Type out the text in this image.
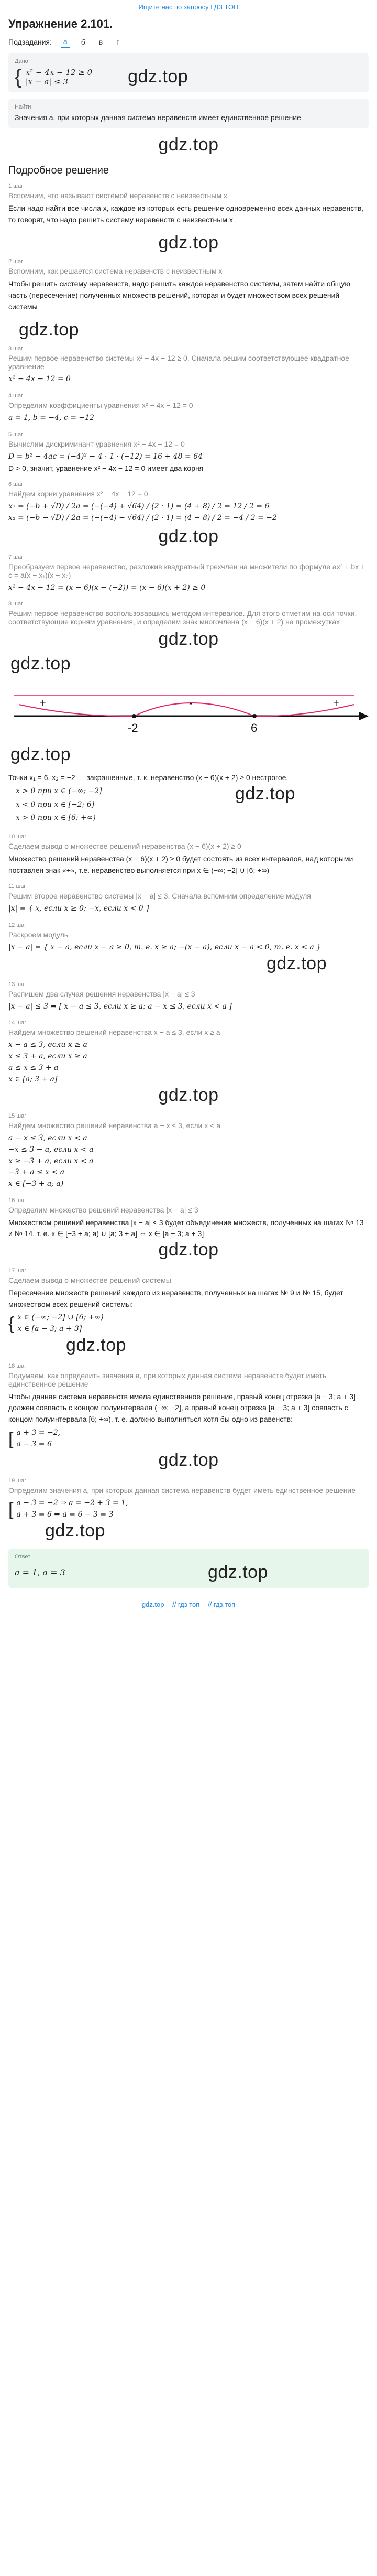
Ищите нас по запросу ГДЗ ТОП
Упражнение 2.101.
Подзадания: а б в г
Дано
{ x² − 4x − 12 ≥ 0
|x − a| ≤ 3	gdz.top
Найти
Значения a, при которых данная система неравенств имеет единственное решение
gdz.top
Подробное решение
1 шаг
Вспомним, что называют системой неравенств с неизвестным x
Если надо найти все числа x, каждое из которых есть решение одновременно всех данных неравенств, то говорят, что надо решить систему неравенств с неизвестным x
gdz.top
2 шаг
Вспомним, как решается система неравенств с неизвестным x
Чтобы решить систему неравенств, надо решить каждое неравенство системы, затем найти общую часть (пересечение) полученных множеств решений, которая и будет множеством всех решений системы
gdz.top
3 шаг
Решим первое неравенство системы x² − 4x − 12 ≥ 0. Сначала решим соответствующее квадратное уравнение
x² − 4x − 12 = 0
4 шаг
Определим коэффициенты уравнения x² − 4x − 12 = 0
a = 1, b = −4, c = −12
5 шаг
Вычислим дискриминант уравнения x² − 4x − 12 = 0
D = b² − 4ac = (−4)² − 4 · 1 · (−12) = 16 + 48 = 64
D > 0, значит, уравнение x² − 4x − 12 = 0 имеет два корня
6 шаг
Найдем корни уравнения x² − 4x − 12 = 0
x₁ = (−b + √D) / 2a = (−(−4) + √64) / (2 · 1) = (4 + 8) / 2 = 12 / 2 = 6
x₂ = (−b − √D) / 2a = (−(−4) − √64) / (2 · 1) = (4 − 8) / 2 = −4 / 2 = −2
gdz.top
7 шаг
Преобразуем первое неравенство, разложив квадратный трехчлен на множители по формуле ax² + bx + c = a(x − x₁)(x − x₂)
x² − 4x − 12 = (x − 6)(x − (−2)) = (x − 6)(x + 2) ≥ 0
8 шаг
Решим первое неравенство воспользовавшись методом интервалов. Для этого отметим на оси точки, соответствующие корням уравнения, и определим знак многочлена (x − 6)(x + 2) на промежутках
gdz.top
gdz.top
+	-	+
-2	6
gdz.top
Точки x₁ = 6, x₂ = −2 — закрашенные, т. к. неравенство (x − 6)(x + 2) ≥ 0 нестрогое.
x > 0 при x ∈ (−∞; −2]
x < 0 при x ∈ [−2; 6]
x > 0 при x ∈ [6; +∞)
gdz.top
10 шаг
Сделаем вывод о множестве решений неравенства (x − 6)(x + 2) ≥ 0
Множество решений неравенства (x − 6)(x + 2) ≥ 0 будет состоять из всех интервалов, над которыми поставлен знак «+», т.е. неравенство выполняется при x ∈ (−∞; −2] ∪ [6; +∞)
11 шаг
Решим второе неравенство системы |x − a| ≤ 3. Сначала вспомним определение модуля
|x| = { x, если x ≥ 0; −x, если x < 0 }
12 шаг
Раскроем модуль
|x − a| = { x − a, если x − a ≥ 0, т. е. x ≥ a; −(x − a), если x − a < 0, т. е. x < a }
gdz.top
13 шаг
Распишем два случая решения неравенства |x − a| ≤ 3
|x − a| ≤ 3 ⇔ [ x − a ≤ 3, если x ≥ a; a − x ≤ 3, если x < a ]
14 шаг
Найдем множество решений неравенства x − a ≤ 3, если x ≥ a
x − a ≤ 3, если x ≥ a
x ≤ 3 + a, если x ≥ a
a ≤ x ≤ 3 + a
x ∈ [a; 3 + a]
gdz.top
15 шаг
Найдем множество решений неравенства a − x ≤ 3, если x < a
a − x ≤ 3, если x < a
−x ≤ 3 − a, если x < a
x ≥ −3 + a, если x < a
−3 + a ≤ x < a
x ∈ [−3 + a; a)
16 шаг
Определим множество решений неравенства |x − a| ≤ 3
Множеством решений неравенства |x − a| ≤ 3 будет объединение множеств, полученных на шагах № 13 и № 14, т. е. x ∈ [−3 + a; a) ∪ [a; 3 + a] ⇔ x ∈ [a − 3; a + 3]
gdz.top
17 шаг
Сделаем вывод о множестве решений системы
Пересечение множеств решений каждого из неравенств, полученных на шагах № 9 и № 15, будет множеством всех решений системы:
{ x ∈ (−∞; −2] ∪ [6; +∞)
x ∈ [a − 3; a + 3]
gdz.top
18 шаг
Подумаем, как определить значения a, при которых данная система неравенств будет иметь единственное решение
Чтобы данная система неравенств имела единственное решение, правый конец отрезка [a − 3; a + 3] должен совпасть с концом полуинтервала (−∞; −2], а правый конец отрезка [a − 3; a + 3] совпасть с концом полуинтервала [6; +∞), т. е. должно выполняться хотя бы одно из равенств:
[ a + 3 = −2,
a − 3 = 6
gdz.top
19 шаг
Определим значения a, при которых данная система неравенств будет иметь единственное решение
[ a − 3 = −2 ⇒ a = −2 + 3 = 1,
a + 3 = 6 ⇒ a = 6 − 3 = 3
gdz.top
Ответ
a = 1, a = 3	gdz.top
gdz.top // гдз топ // гдз.топ
